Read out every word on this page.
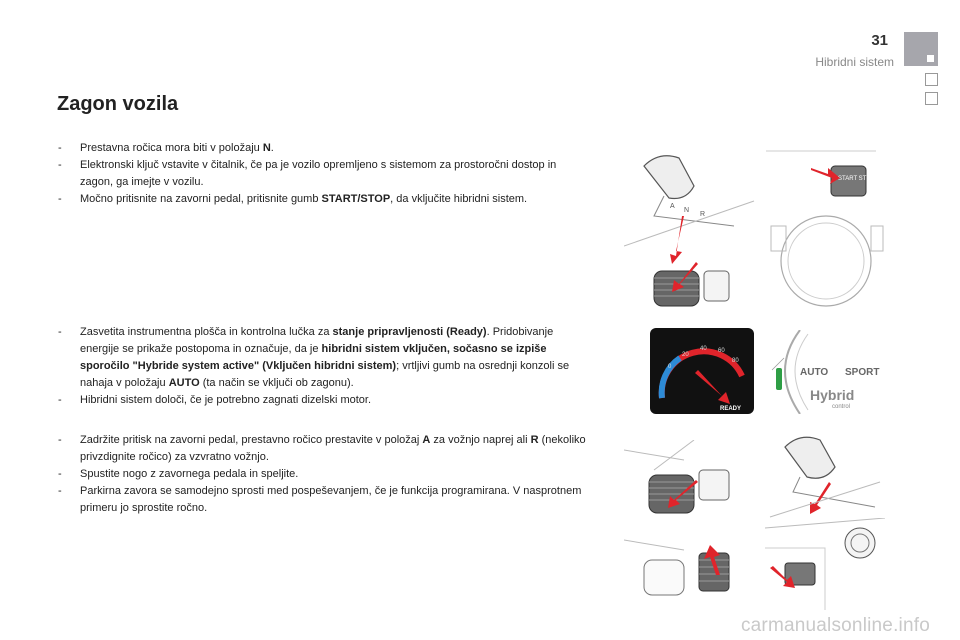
31
Hibridni sistem
Zagon vozila
- Prestavna ročica mora biti v položaju N.
- Elektronski ključ vstavite v čitalnik, če pa je vozilo opremljeno s sistemom za prostoročni dostop in zagon, ga imejte v vozilu.
- Močno pritisnite na zavorni pedal, pritisnite gumb START/STOP, da vključite hibridni sistem.
- Zasvetita instrumentna plošča in kontrolna lučka za stanje pripravljenosti (Ready). Pridobivanje energije se prikaže postopoma in označuje, da je hibridni sistem vključen, sočasno se izpiše sporočilo "Hybride system active" (Vključen hibridni sistem); vrtljivi gumb na osrednji konzoli se nahaja v položaju AUTO (ta način se vključi ob zagonu).
- Hibridni sistem določi, če je potrebno zagnati dizelski motor.
- Zadržite pritisk na zavorni pedal, prestavno ročico prestavite v položaj A za vožnjo naprej ali R (nekoliko privzdignite ročico) za vzvratno vožnjo.
- Spustite nogo z zavornega pedala in speljite.
- Parkirna zavora se samodejno sprosti med pospeševanjem, če je funkcija programirana. V nasprotnem primeru jo sprostite ročno.
A
N
R
START STOP
0
20
40 60
80
READY
AUTO SPORT
Hybrid
control
carmanualsonline.info
